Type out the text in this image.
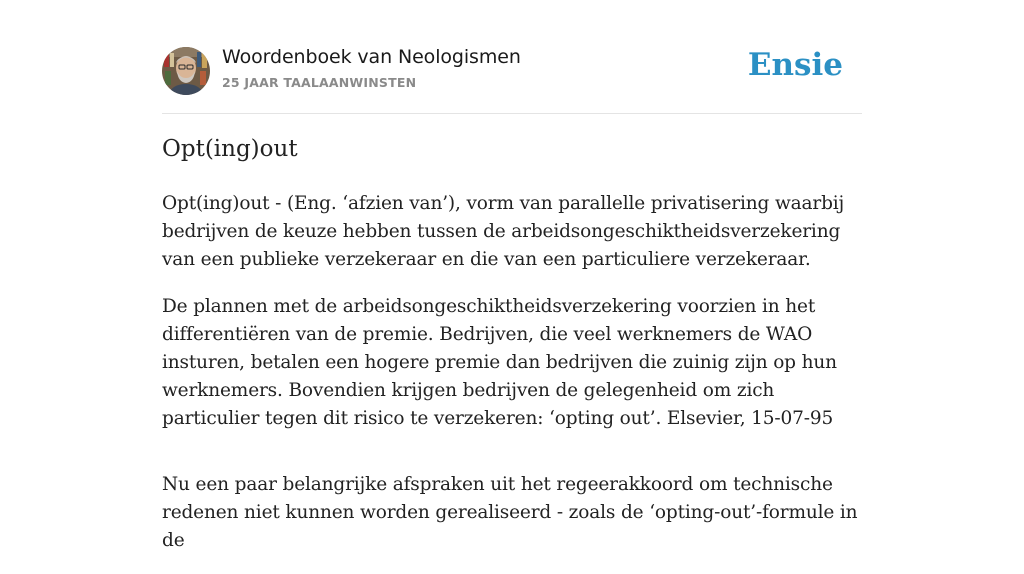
Woordenboek van Neologismen
25 JAAR TAALAANWINSTEN	Ensie
Opt(ing)out

Opt(ing)out - (Eng. ‘afzien van’), vorm van parallelle privatisering waarbij bedrijven de keuze hebben tussen de arbeidsongeschiktheidsverzekering van een publieke verzekeraar en die van een particuliere verzekeraar.

De plannen met de arbeidsongeschiktheidsverzekering voorzien in het differentiëren van de premie. Bedrijven, die veel werknemers de WAO insturen, betalen een hogere premie dan bedrijven die zuinig zijn op hun werknemers. Bovendien krijgen bedrijven de gelegenheid om zich particulier tegen dit risico te verzekeren: ‘opting out’. Elsevier, 15-07-95

Nu een paar belangrijke afspraken uit het regeerakkoord om technische redenen niet kunnen worden gerealiseerd - zoals de ‘opting-out’-formule in de
